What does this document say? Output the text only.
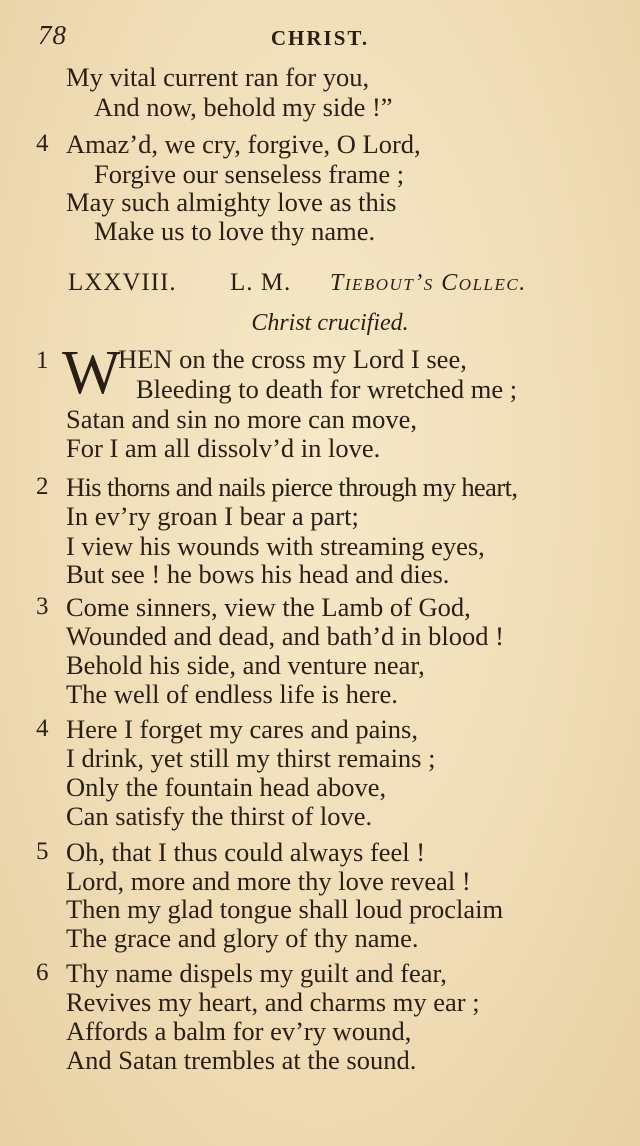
78	CHRIST.
My vital current ran for you,
And now, behold my side !”
4 Amaz’d, we cry, forgive, O Lord,
Forgive our senseless frame ;
May such almighty love as this
Make us to love thy name.
LXXVIII. L. M. Tiebout’s Collec.
Christ crucified.
1 W
HEN on the cross my Lord I see,
Bleeding to death for wretched me ;
Satan and sin no more can move,
For I am all dissolv’d in love.
2 His thorns and nails pierce through my heart,
In ev’ry groan I bear a part;
I view his wounds with streaming eyes,
But see ! he bows his head and dies.
3 Come sinners, view the Lamb of God,
Wounded and dead, and bath’d in blood !
Behold his side, and venture near,
The well of endless life is here.
4 Here I forget my cares and pains,
I drink, yet still my thirst remains ;
Only the fountain head above,
Can satisfy the thirst of love.
5 Oh, that I thus could always feel !
Lord, more and more thy love reveal !
Then my glad tongue shall loud proclaim
The grace and glory of thy name.
6 Thy name dispels my guilt and fear,
Revives my heart, and charms my ear ;
Affords a balm for ev’ry wound,
And Satan trembles at the sound.
